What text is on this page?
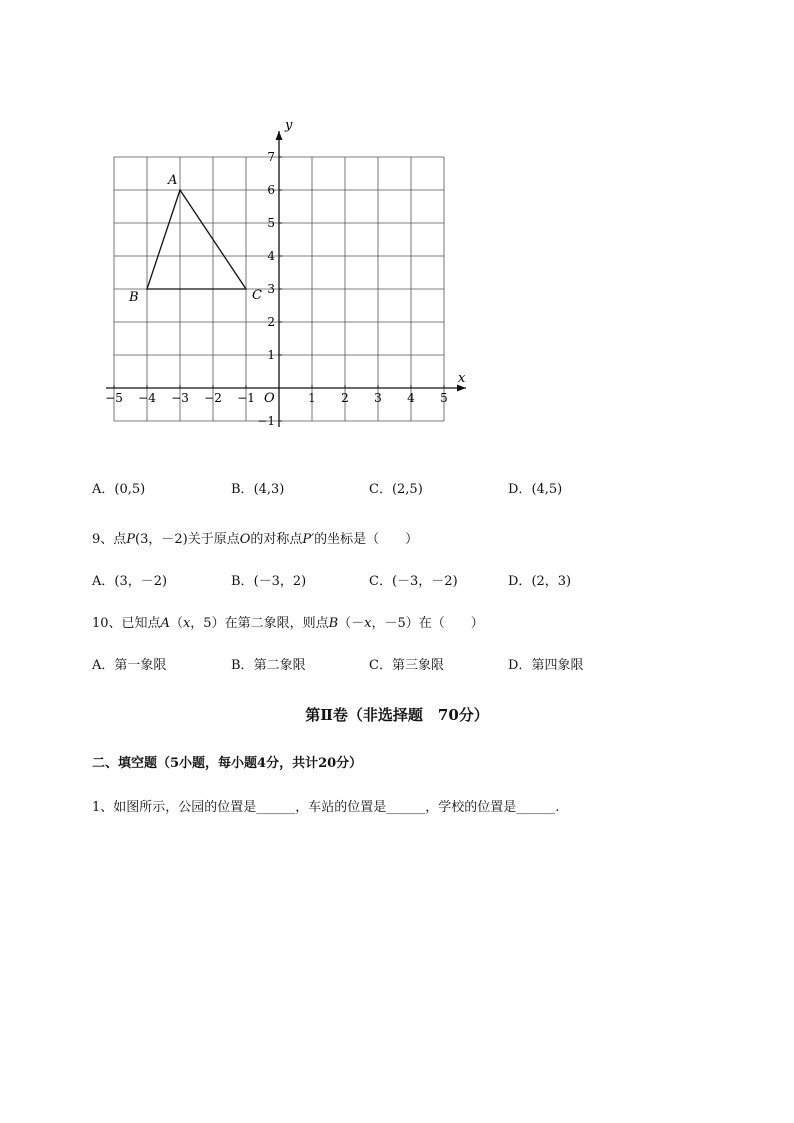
−5 −4 −3 −2 −1	1 2 3 4 5
−1
1
2
3
4
5
6
7
A
B	C
x
y
O
A．(0,5)	B．(4,3)	C．(2,5)	D．(4,5)
9、点P(3，－2)关于原点O的对称点P′的坐标是（　　）
A．(3，－2)	B．(－3，2)	C．(－3，－2)	D．(2，3)
10、已知点A（x，5）在第二象限，则点B（－x，－5）在（　　）
A．第一象限	B．第二象限	C．第三象限	D．第四象限
第Ⅱ卷（非选择题　70分）
二、填空题（5小题，每小题4分，共计20分）
1、如图所示，公园的位置是______，车站的位置是______，学校的位置是______.
